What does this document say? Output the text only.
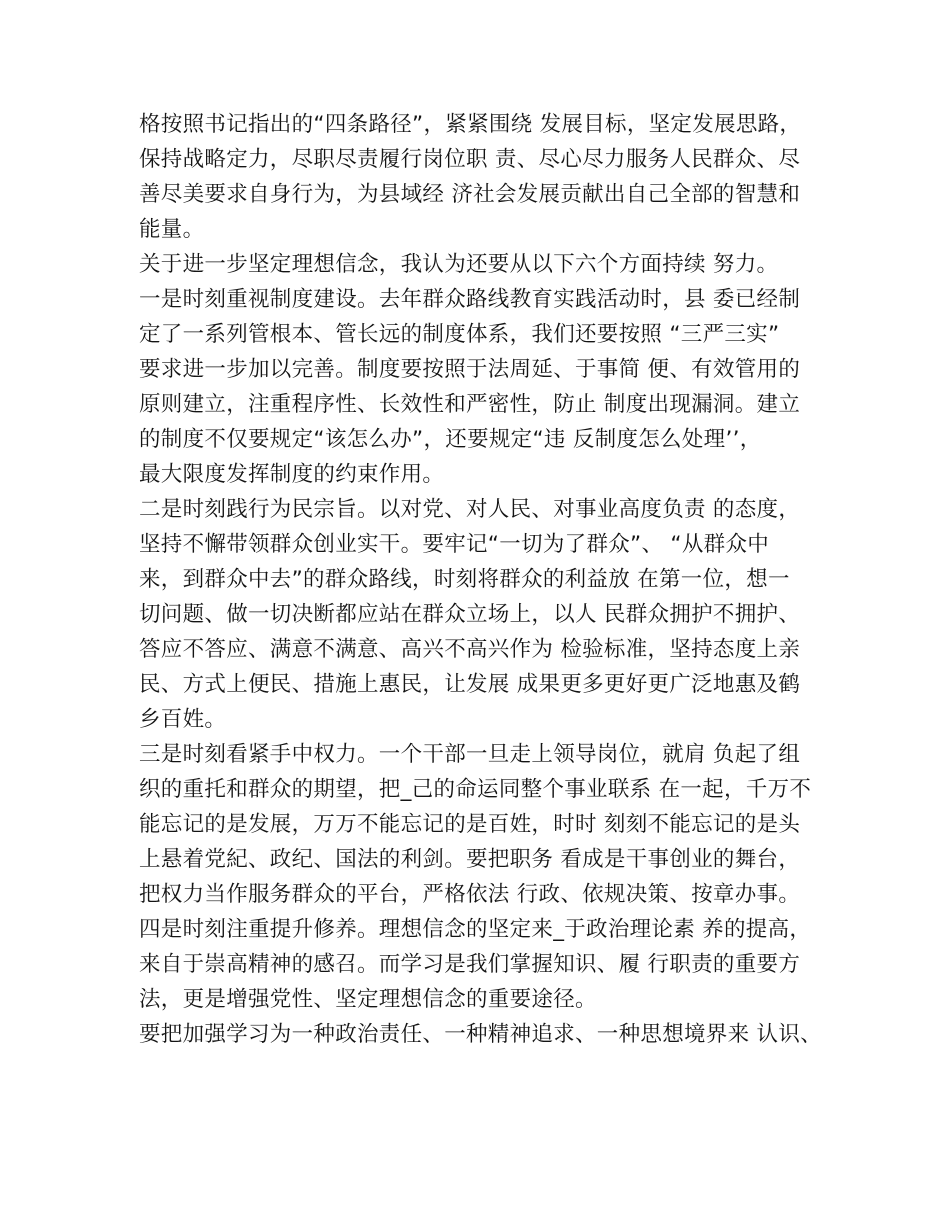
格按照书记指出的“四条路径”，紧紧围绕 发展目标，坚定发展思路，
保持战略定力，尽职尽责履行岗位职 责、尽心尽力服务人民群众、尽
善尽美要求自身行为，为县域经 济社会发展贡献出自己全部的智慧和
能量。
关于进一步坚定理想信念，我认为还要从以下六个方面持续 努力。
一是时刻重视制度建设。去年群众路线教育实践活动时，县 委已经制
定了一系列管根本、管长远的制度体系，我们还要按照 “三严三实”
要求进一步加以完善。制度要按照于法周延、于事简 便、有效管用的
原则建立，注重程序性、长效性和严密性，防止 制度出现漏洞。建立
的制度不仅要规定“该怎么办”，还要规定“违 反制度怎么处理’’，
最大限度发挥制度的约束作用。
二是时刻践行为民宗旨。以对党、对人民、对事业高度负责 的态度，
坚持不懈带领群众创业实干。要牢记“一切为了群众”、 “从群众中
来，到群众中去”的群众路线，时刻将群众的利益放 在第一位，想一
切问题、做一切决断都应站在群众立场上，以人 民群众拥护不拥护、
答应不答应、满意不满意、高兴不高兴作为 检验标准，坚持态度上亲
民、方式上便民、措施上惠民，让发展 成果更多更好更广泛地惠及鹤
乡百姓。
三是时刻看紧手中权力。一个干部一旦走上领导岗位，就肩 负起了组
织的重托和群众的期望，把_己的命运同整个事业联系 在一起，千万不
能忘记的是发展，万万不能忘记的是百姓，时时 刻刻不能忘记的是头
上悬着党紀、政纪、国法的利剑。要把职务 看成是干事创业的舞台，
把权力当作服务群众的平台，严格依法 行政、依规决策、按章办事。
四是时刻注重提升修养。理想信念的坚定来_于政治理论素 养的提高，
来自于崇高精神的感召。而学习是我们掌握知识、履 行职责的重要方
法，更是增强党性、坚定理想信念的重要途径。
要把加强学习为一种政治责任、一种精神追求、一种思想境界来 认识、
